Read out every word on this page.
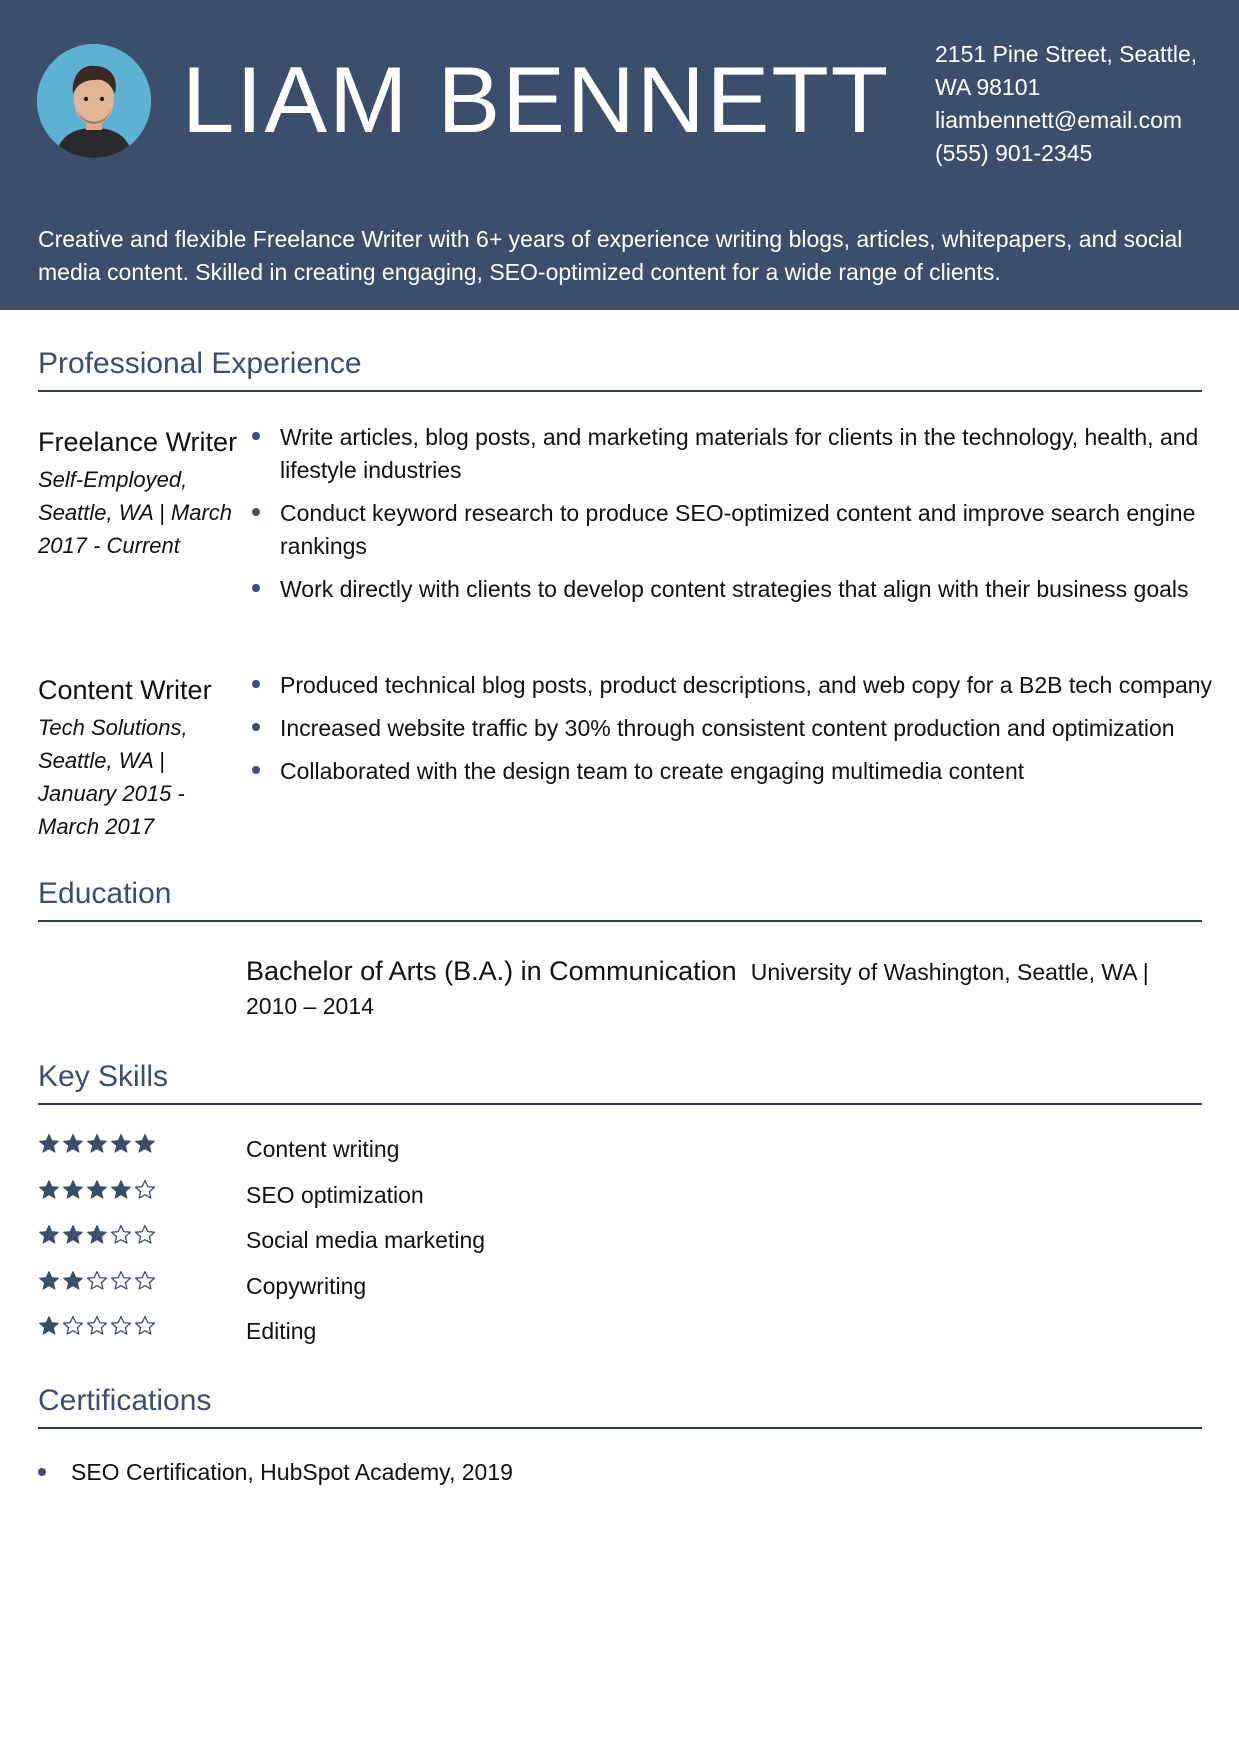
LIAM BENNETT 2151 Pine Street, Seattle,
WA 98101
liambennett@email.com
(555) 901-2345

Creative and flexible Freelance Writer with 6+ years of experience writing blogs, articles, whitepapers, and social media content. Skilled in creating engaging, SEO-optimized content for a wide range of clients.

Professional Experience
Freelance Writer
Self-Employed, Seattle, WA | March 2017 - Current
Write articles, blog posts, and marketing materials for clients in the technology, health, and lifestyle industries
Conduct keyword research to produce SEO-optimized content and improve search engine rankings
Work directly with clients to develop content strategies that align with their business goals
Content Writer
Tech Solutions, Seattle, WA | January 2015 - March 2017
Produced technical blog posts, product descriptions, and web copy for a B2B tech company
Increased website traffic by 30% through consistent content production and optimization
Collaborated with the design team to create engaging multimedia content
Education
Bachelor of Arts (B.A.) in Communication University of Washington, Seattle, WA | 2010 – 2014
Key Skills
Content writing
SEO optimization
Social media marketing
Copywriting
Editing
Certifications
SEO Certification, HubSpot Academy, 2019
